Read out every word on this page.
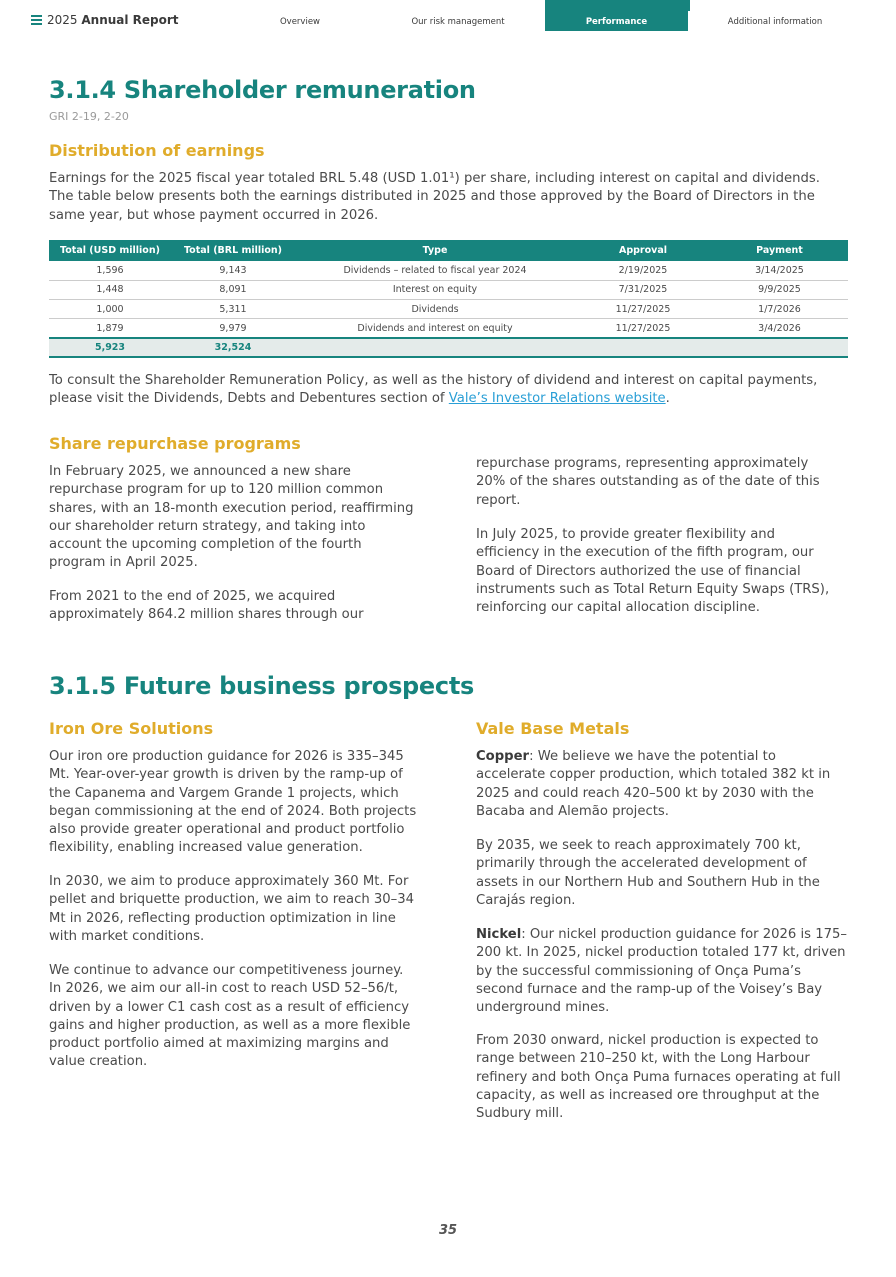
2025 Annual Report	Overview	Our risk management	Performance	Additional information
3.1.4 Shareholder remuneration
GRI 2-19, 2-20
Distribution of earnings

Earnings for the 2025 fiscal year totaled BRL 5.48 (USD 1.01¹) per share, including interest on capital and dividends. The table below presents both the earnings distributed in 2025 and those approved by the Board of Directors in the same year, but whose payment occurred in 2026.

Total (USD million)	Total (BRL million)	Type	Approval	Payment
1,596	9,143	Dividends – related to fiscal year 2024	2/19/2025	3/14/2025
1,448	8,091	Interest on equity	7/31/2025	9/9/2025
1,000	5,311	Dividends	11/27/2025	1/7/2026
1,879	9,979	Dividends and interest on equity	11/27/2025	3/4/2026
5,923	32,524			

To consult the Shareholder Remuneration Policy, as well as the history of dividend and interest on capital payments, please visit the Dividends, Debts and Debentures section of Vale’s Investor Relations website.

Share repurchase programs

In February 2025, we announced a new share repurchase program for up to 120 million common shares, with an 18-month execution period, reaffirming our shareholder return strategy, and taking into account the upcoming completion of the fourth program in April 2025.

From 2021 to the end of 2025, we acquired approximately 864.2 million shares through our

repurchase programs, representing approximately 20% of the shares outstanding as of the date of this report.

In July 2025, to provide greater flexibility and efficiency in the execution of the fifth program, our Board of Directors authorized the use of financial instruments such as Total Return Equity Swaps (TRS), reinforcing our capital allocation discipline.

3.1.5 Future business prospects
Iron Ore Solutions

Our iron ore production guidance for 2026 is 335–345 Mt. Year-over-year growth is driven by the ramp-up of the Capanema and Vargem Grande 1 projects, which began commissioning at the end of 2024. Both projects also provide greater operational and product portfolio flexibility, enabling increased value generation.

In 2030, we aim to produce approximately 360 Mt. For pellet and briquette production, we aim to reach 30–34 Mt in 2026, reflecting production optimization in line with market conditions.

We continue to advance our competitiveness journey. In 2026, we aim our all-in cost to reach USD 52–56/t, driven by a lower C1 cash cost as a result of efficiency gains and higher production, as well as a more flexible product portfolio aimed at maximizing margins and value creation.

Vale Base Metals

Copper: We believe we have the potential to accelerate copper production, which totaled 382 kt in 2025 and could reach 420–500 kt by 2030 with the Bacaba and Alemão projects.

By 2035, we seek to reach approximately 700 kt, primarily through the accelerated development of assets in our Northern Hub and Southern Hub in the Carajás region.

Nickel: Our nickel production guidance for 2026 is 175–200 kt. In 2025, nickel production totaled 177 kt, driven by the successful commissioning of Onça Puma’s second furnace and the ramp-up of the Voisey’s Bay underground mines.

From 2030 onward, nickel production is expected to range between 210–250 kt, with the Long Harbour refinery and both Onça Puma furnaces operating at full capacity, as well as increased ore throughput at the Sudbury mill.

35
